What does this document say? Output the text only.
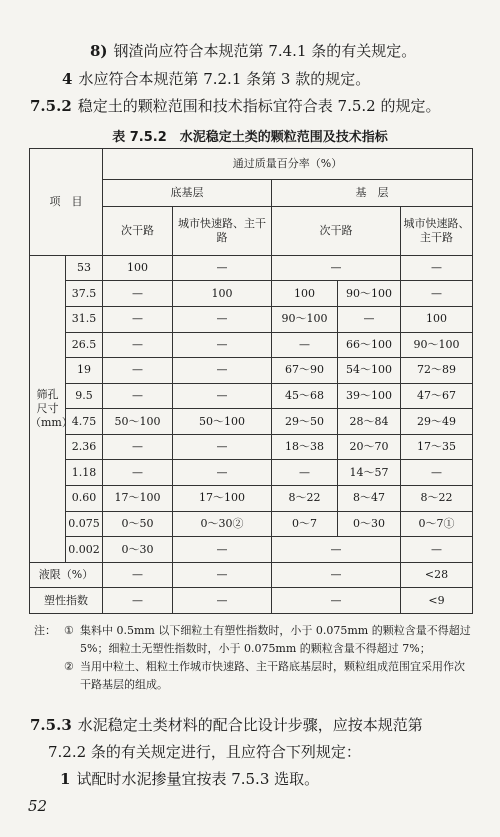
8) 钢渣尚应符合本规范第 7.4.1 条的有关规定。
4 水应符合本规范第 7.2.1 条第 3 款的规定。
7.5.2 稳定土的颗粒范围和技术指标宜符合表 7.5.2 的规定。
表 7.5.2　水泥稳定土类的颗粒范围及技术指标
项　目		通过质量百分率（%）				
		底基层		基　层		
		次干路	城市快速路、主干路	次干路		城市快速路、主干路

筛孔
尺寸
（mm）	53	100	—	—		—
	37.5	—	100	100	90～100	—
	31.5	—	—	90～100	—	100
	26.5	—	—	—	66～100	90～100
	19	—	—	67～90	54～100	72～89
	9.5	—	—	45～68	39～100	47～67
	4.75	50～100	50～100	29～50	28～84	29～49
	2.36	—	—	18～38	20～70	17～35
	1.18	—	—	—	14～57	—
	0.60	17～100	17～100	8～22	8～47	8～22
	0.075	0～50	0～30②	0～7	0～30	0～7①
	0.002	0～30	—	—		—
液限（%）		—	—	—		<28
塑性指数		—	—	—		<9
注： ① 集料中 0.5mm 以下细粒土有塑性指数时，小于 0.075mm 的颗粒含量不得超过 5%；细粒土无塑性指数时，小于 0.075mm 的颗粒含量不得超过 7%；
② 当用中粒土、粗粒土作城市快速路、主干路底基层时，颗粒组成范围宜采用作次干路基层的组成。
7.5.3 水泥稳定土类材料的配合比设计步骤，应按本规范第
7.2.2 条的有关规定进行，且应符合下列规定：
1 试配时水泥掺量宜按表 7.5.3 选取。
52
